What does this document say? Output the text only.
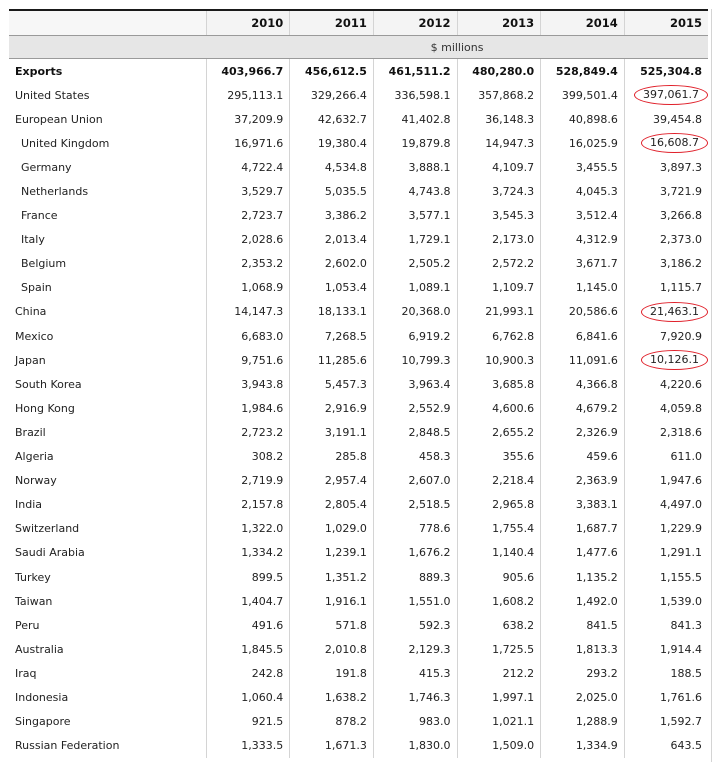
	2010	2011	2012	2013	2014	2015
	$ millions					
Exports	403,966.7	456,612.5	461,511.2	480,280.0	528,849.4	525,304.8
United States	295,113.1	329,266.4	336,598.1	357,868.2	399,501.4	397,061.7
European Union	37,209.9	42,632.7	41,402.8	36,148.3	40,898.6	39,454.8
United Kingdom	16,971.6	19,380.4	19,879.8	14,947.3	16,025.9	16,608.7
Germany	4,722.4	4,534.8	3,888.1	4,109.7	3,455.5	3,897.3
Netherlands	3,529.7	5,035.5	4,743.8	3,724.3	4,045.3	3,721.9
France	2,723.7	3,386.2	3,577.1	3,545.3	3,512.4	3,266.8
Italy	2,028.6	2,013.4	1,729.1	2,173.0	4,312.9	2,373.0
Belgium	2,353.2	2,602.0	2,505.2	2,572.2	3,671.7	3,186.2
Spain	1,068.9	1,053.4	1,089.1	1,109.7	1,145.0	1,115.7
China	14,147.3	18,133.1	20,368.0	21,993.1	20,586.6	21,463.1
Mexico	6,683.0	7,268.5	6,919.2	6,762.8	6,841.6	7,920.9
Japan	9,751.6	11,285.6	10,799.3	10,900.3	11,091.6	10,126.1
South Korea	3,943.8	5,457.3	3,963.4	3,685.8	4,366.8	4,220.6
Hong Kong	1,984.6	2,916.9	2,552.9	4,600.6	4,679.2	4,059.8
Brazil	2,723.2	3,191.1	2,848.5	2,655.2	2,326.9	2,318.6
Algeria	308.2	285.8	458.3	355.6	459.6	611.0
Norway	2,719.9	2,957.4	2,607.0	2,218.4	2,363.9	1,947.6
India	2,157.8	2,805.4	2,518.5	2,965.8	3,383.1	4,497.0
Switzerland	1,322.0	1,029.0	778.6	1,755.4	1,687.7	1,229.9
Saudi Arabia	1,334.2	1,239.1	1,676.2	1,140.4	1,477.6	1,291.1
Turkey	899.5	1,351.2	889.3	905.6	1,135.2	1,155.5
Taiwan	1,404.7	1,916.1	1,551.0	1,608.2	1,492.0	1,539.0
Peru	491.6	571.8	592.3	638.2	841.5	841.3
Australia	1,845.5	2,010.8	2,129.3	1,725.5	1,813.3	1,914.4
Iraq	242.8	191.8	415.3	212.2	293.2	188.5
Indonesia	1,060.4	1,638.2	1,746.3	1,997.1	2,025.0	1,761.6
Singapore	921.5	878.2	983.0	1,021.1	1,288.9	1,592.7
Russian Federation	1,333.5	1,671.3	1,830.0	1,509.0	1,334.9	643.5
